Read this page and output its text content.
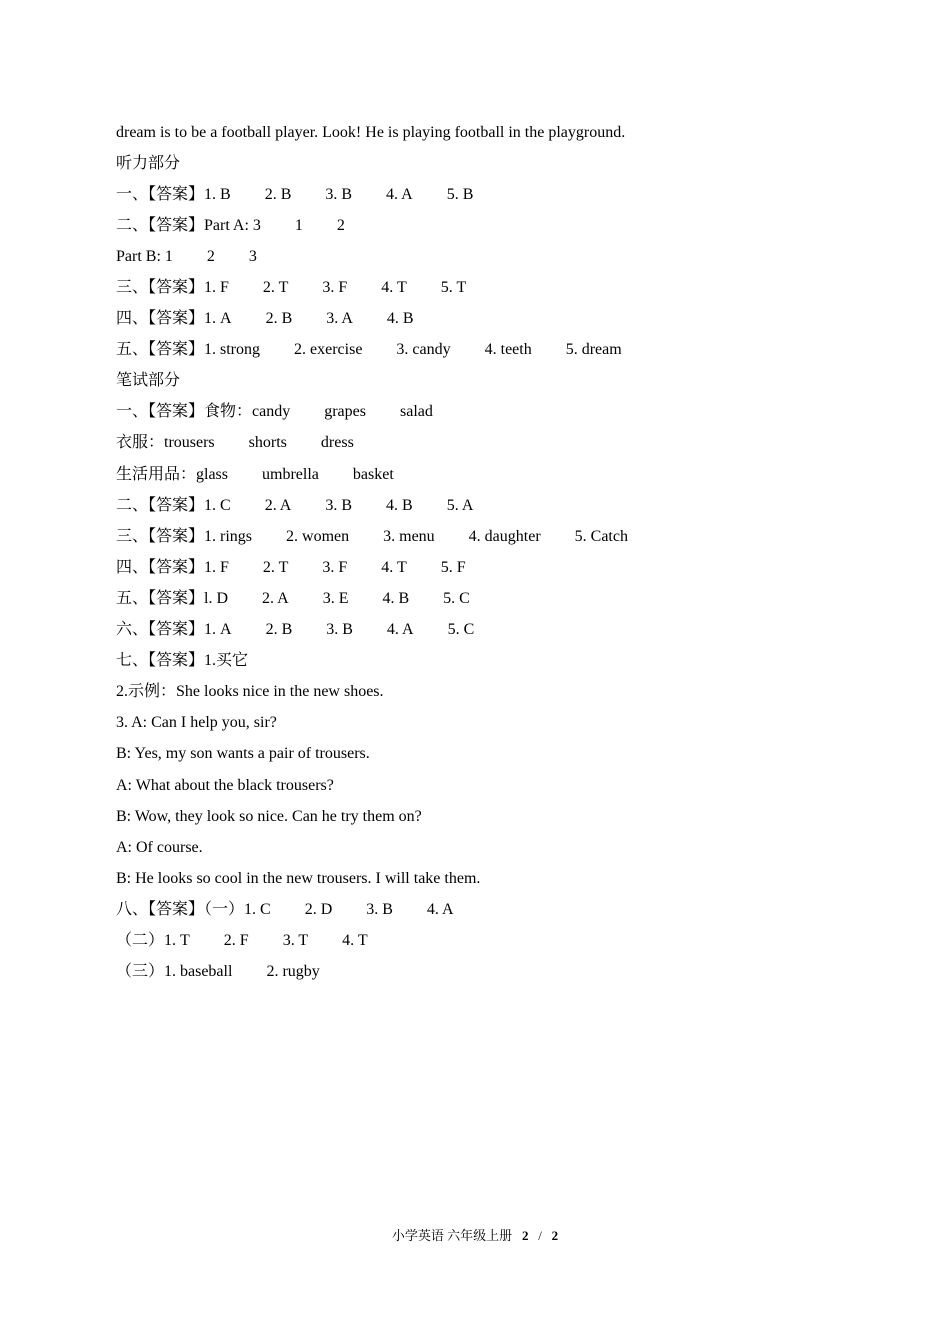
dream is to be a football player. Look! He is playing football in the playground.
听力部分
一、【答案】1. B 2. B 3. B 4. A 5. B
二、【答案】Part A: 3 1 2
Part B: 1 2 3
三、【答案】1. F 2. T 3. F 4. T 5. T
四、【答案】1. A 2. B 3. A 4. B
五、【答案】1. strong 2. exercise 3. candy 4. teeth 5. dream
笔试部分
一、【答案】食物：candy grapes salad
衣服：trousers shorts dress
生活用品：glass umbrella basket
二、【答案】1. C 2. A 3. B 4. B 5. A
三、【答案】1. rings 2. women 3. menu 4. daughter 5. Catch
四、【答案】1. F 2. T 3. F 4. T 5. F
五、【答案】l. D 2. A 3. E 4. B 5. C
六、【答案】1. A 2. B 3. B 4. A 5. C
七、【答案】1.买它
2.示例：She looks nice in the new shoes.
3. A: Can I help you, sir?
B: Yes, my son wants a pair of trousers.
A: What about the black trousers?
B: Wow, they look so nice. Can he try them on?
A: Of course.
B: He looks so cool in the new trousers. I will take them.
八、【答案】（一）1. C 2. D 3. B 4. A
（二）1. T 2. F 3. T 4. T
（三）1. baseball 2. rugby
小学英语 六年级上册 2 / 2
